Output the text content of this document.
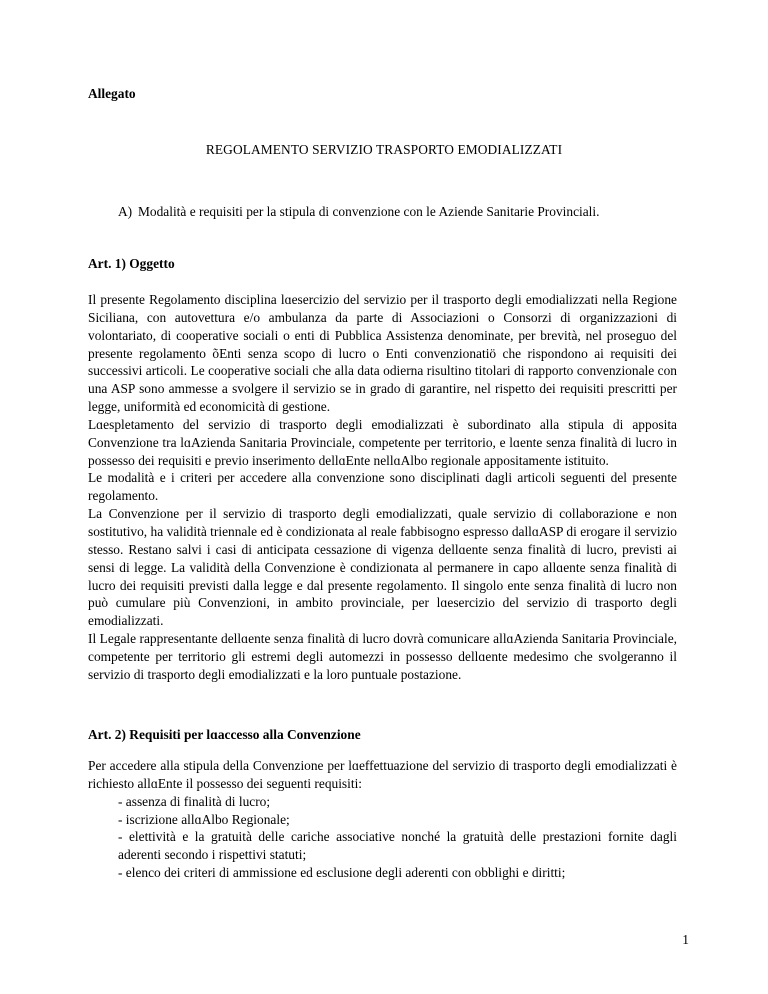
Allegato

REGOLAMENTO SERVIZIO TRASPORTO EMODIALIZZATI

A) Modalità e requisiti per la stipula di convenzione con le Aziende Sanitarie Provinciali.

Art. 1) Oggetto

Il presente Regolamento disciplina lɑesercizio del servizio per il trasporto degli emodializzati nella Regione Siciliana, con autovettura e/o ambulanza da parte di Associazioni o Consorzi di organizzazioni di volontariato, di cooperative sociali o enti di Pubblica Assistenza denominate, per brevità, nel proseguo del presente regolamento õEnti senza scopo di lucro o Enti convenzionatiö che rispondono ai requisiti dei successivi articoli. Le cooperative sociali che alla data odierna risultino titolari di rapporto convenzionale con una ASP sono ammesse a svolgere il servizio se in grado di garantire, nel rispetto dei requisiti prescritti per legge, uniformità ed economicità di gestione.

Lɑespletamento del servizio di trasporto degli emodializzati è subordinato alla stipula di apposita Convenzione tra lɑAzienda Sanitaria Provinciale, competente per territorio, e lɑente senza finalità di lucro in possesso dei requisiti e previo inserimento dellɑEnte nellɑAlbo regionale appositamente istituito.

Le modalità e i criteri per accedere alla convenzione sono disciplinati dagli articoli seguenti del presente regolamento.

La Convenzione per il servizio di trasporto degli emodializzati, quale servizio di collaborazione e non sostitutivo, ha validità triennale ed è condizionata al reale fabbisogno espresso dallɑASP di erogare il servizio stesso. Restano salvi i casi di anticipata cessazione di vigenza dellɑente senza finalità di lucro, previsti ai sensi di legge. La validità della Convenzione è condizionata al permanere in capo allɑente senza finalità di lucro dei requisiti previsti dalla legge e dal presente regolamento. Il singolo ente senza finalità di lucro non può cumulare più Convenzioni, in ambito provinciale, per lɑesercizio del servizio di trasporto degli emodializzati.

Il Legale rappresentante dellɑente senza finalità di lucro dovrà comunicare allɑAzienda Sanitaria Provinciale, competente per territorio gli estremi degli automezzi in possesso dellɑente medesimo che svolgeranno il servizio di trasporto degli emodializzati e la loro puntuale postazione.

Art. 2) Requisiti per lɑaccesso alla Convenzione

Per accedere alla stipula della Convenzione per lɑeffettuazione del servizio di trasporto degli emodializzati è richiesto allɑEnte il possesso dei seguenti requisiti:

- assenza di finalità di lucro;
- iscrizione allɑAlbo Regionale;
- elettività e la gratuità delle cariche associative nonché la gratuità delle prestazioni fornite dagli aderenti secondo i rispettivi statuti;
- elenco dei criteri di ammissione ed esclusione degli aderenti con obblighi e diritti;

1
